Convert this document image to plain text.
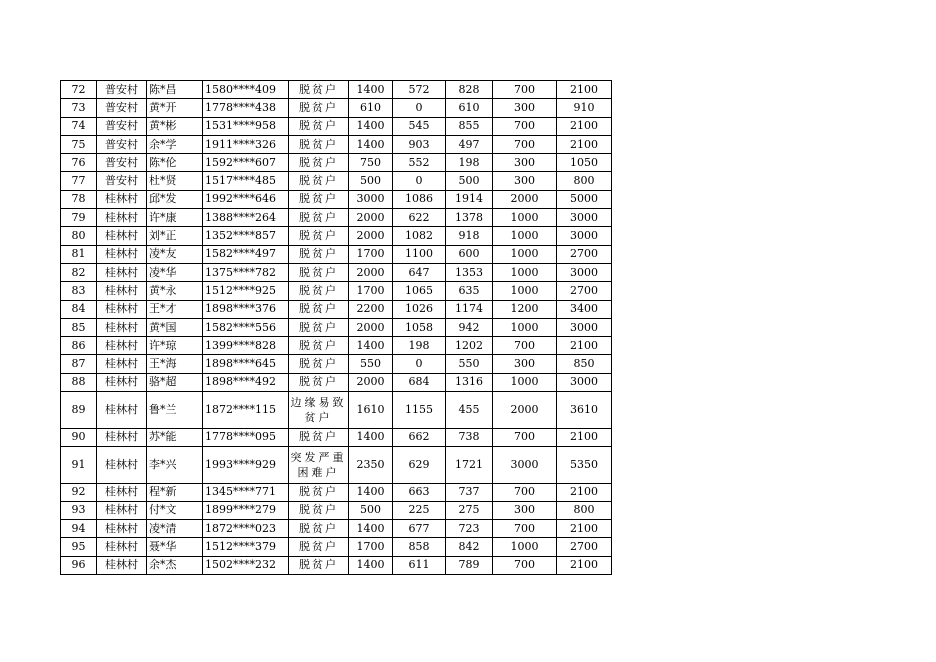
72	普安村	陈*昌	1580****409	脱贫户	1400	572	828	700	2100
73	普安村	黄*开	1778****438	脱贫户	610	0	610	300	910
74	普安村	黄*彬	1531****958	脱贫户	1400	545	855	700	2100
75	普安村	余*学	1911****326	脱贫户	1400	903	497	700	2100
76	普安村	陈*伦	1592****607	脱贫户	750	552	198	300	1050
77	普安村	杜*贤	1517****485	脱贫户	500	0	500	300	800
78	桂林村	邱*发	1992****646	脱贫户	3000	1086	1914	2000	5000
79	桂林村	许*康	1388****264	脱贫户	2000	622	1378	1000	3000
80	桂林村	刘*正	1352****857	脱贫户	2000	1082	918	1000	3000
81	桂林村	凌*友	1582****497	脱贫户	1700	1100	600	1000	2700
82	桂林村	凌*华	1375****782	脱贫户	2000	647	1353	1000	3000
83	桂林村	黄*永	1512****925	脱贫户	1700	1065	635	1000	2700
84	桂林村	王*才	1898****376	脱贫户	2200	1026	1174	1200	3400
85	桂林村	黄*国	1582****556	脱贫户	2000	1058	942	1000	3000
86	桂林村	许*琼	1399****828	脱贫户	1400	198	1202	700	2100
87	桂林村	王*海	1898****645	脱贫户	550	0	550	300	850
88	桂林村	骆*超	1898****492	脱贫户	2000	684	1316	1000	3000
89	桂林村	鲁*兰	1872****115	边缘易致贫户	1610	1155	455	2000	3610
90	桂林村	苏*能	1778****095	脱贫户	1400	662	738	700	2100
91	桂林村	李*兴	1993****929	突发严重困难户	2350	629	1721	3000	5350
92	桂林村	程*新	1345****771	脱贫户	1400	663	737	700	2100
93	桂林村	付*文	1899****279	脱贫户	500	225	275	300	800
94	桂林村	凌*清	1872****023	脱贫户	1400	677	723	700	2100
95	桂林村	聂*华	1512****379	脱贫户	1700	858	842	1000	2700
96	桂林村	余*杰	1502****232	脱贫户	1400	611	789	700	2100
